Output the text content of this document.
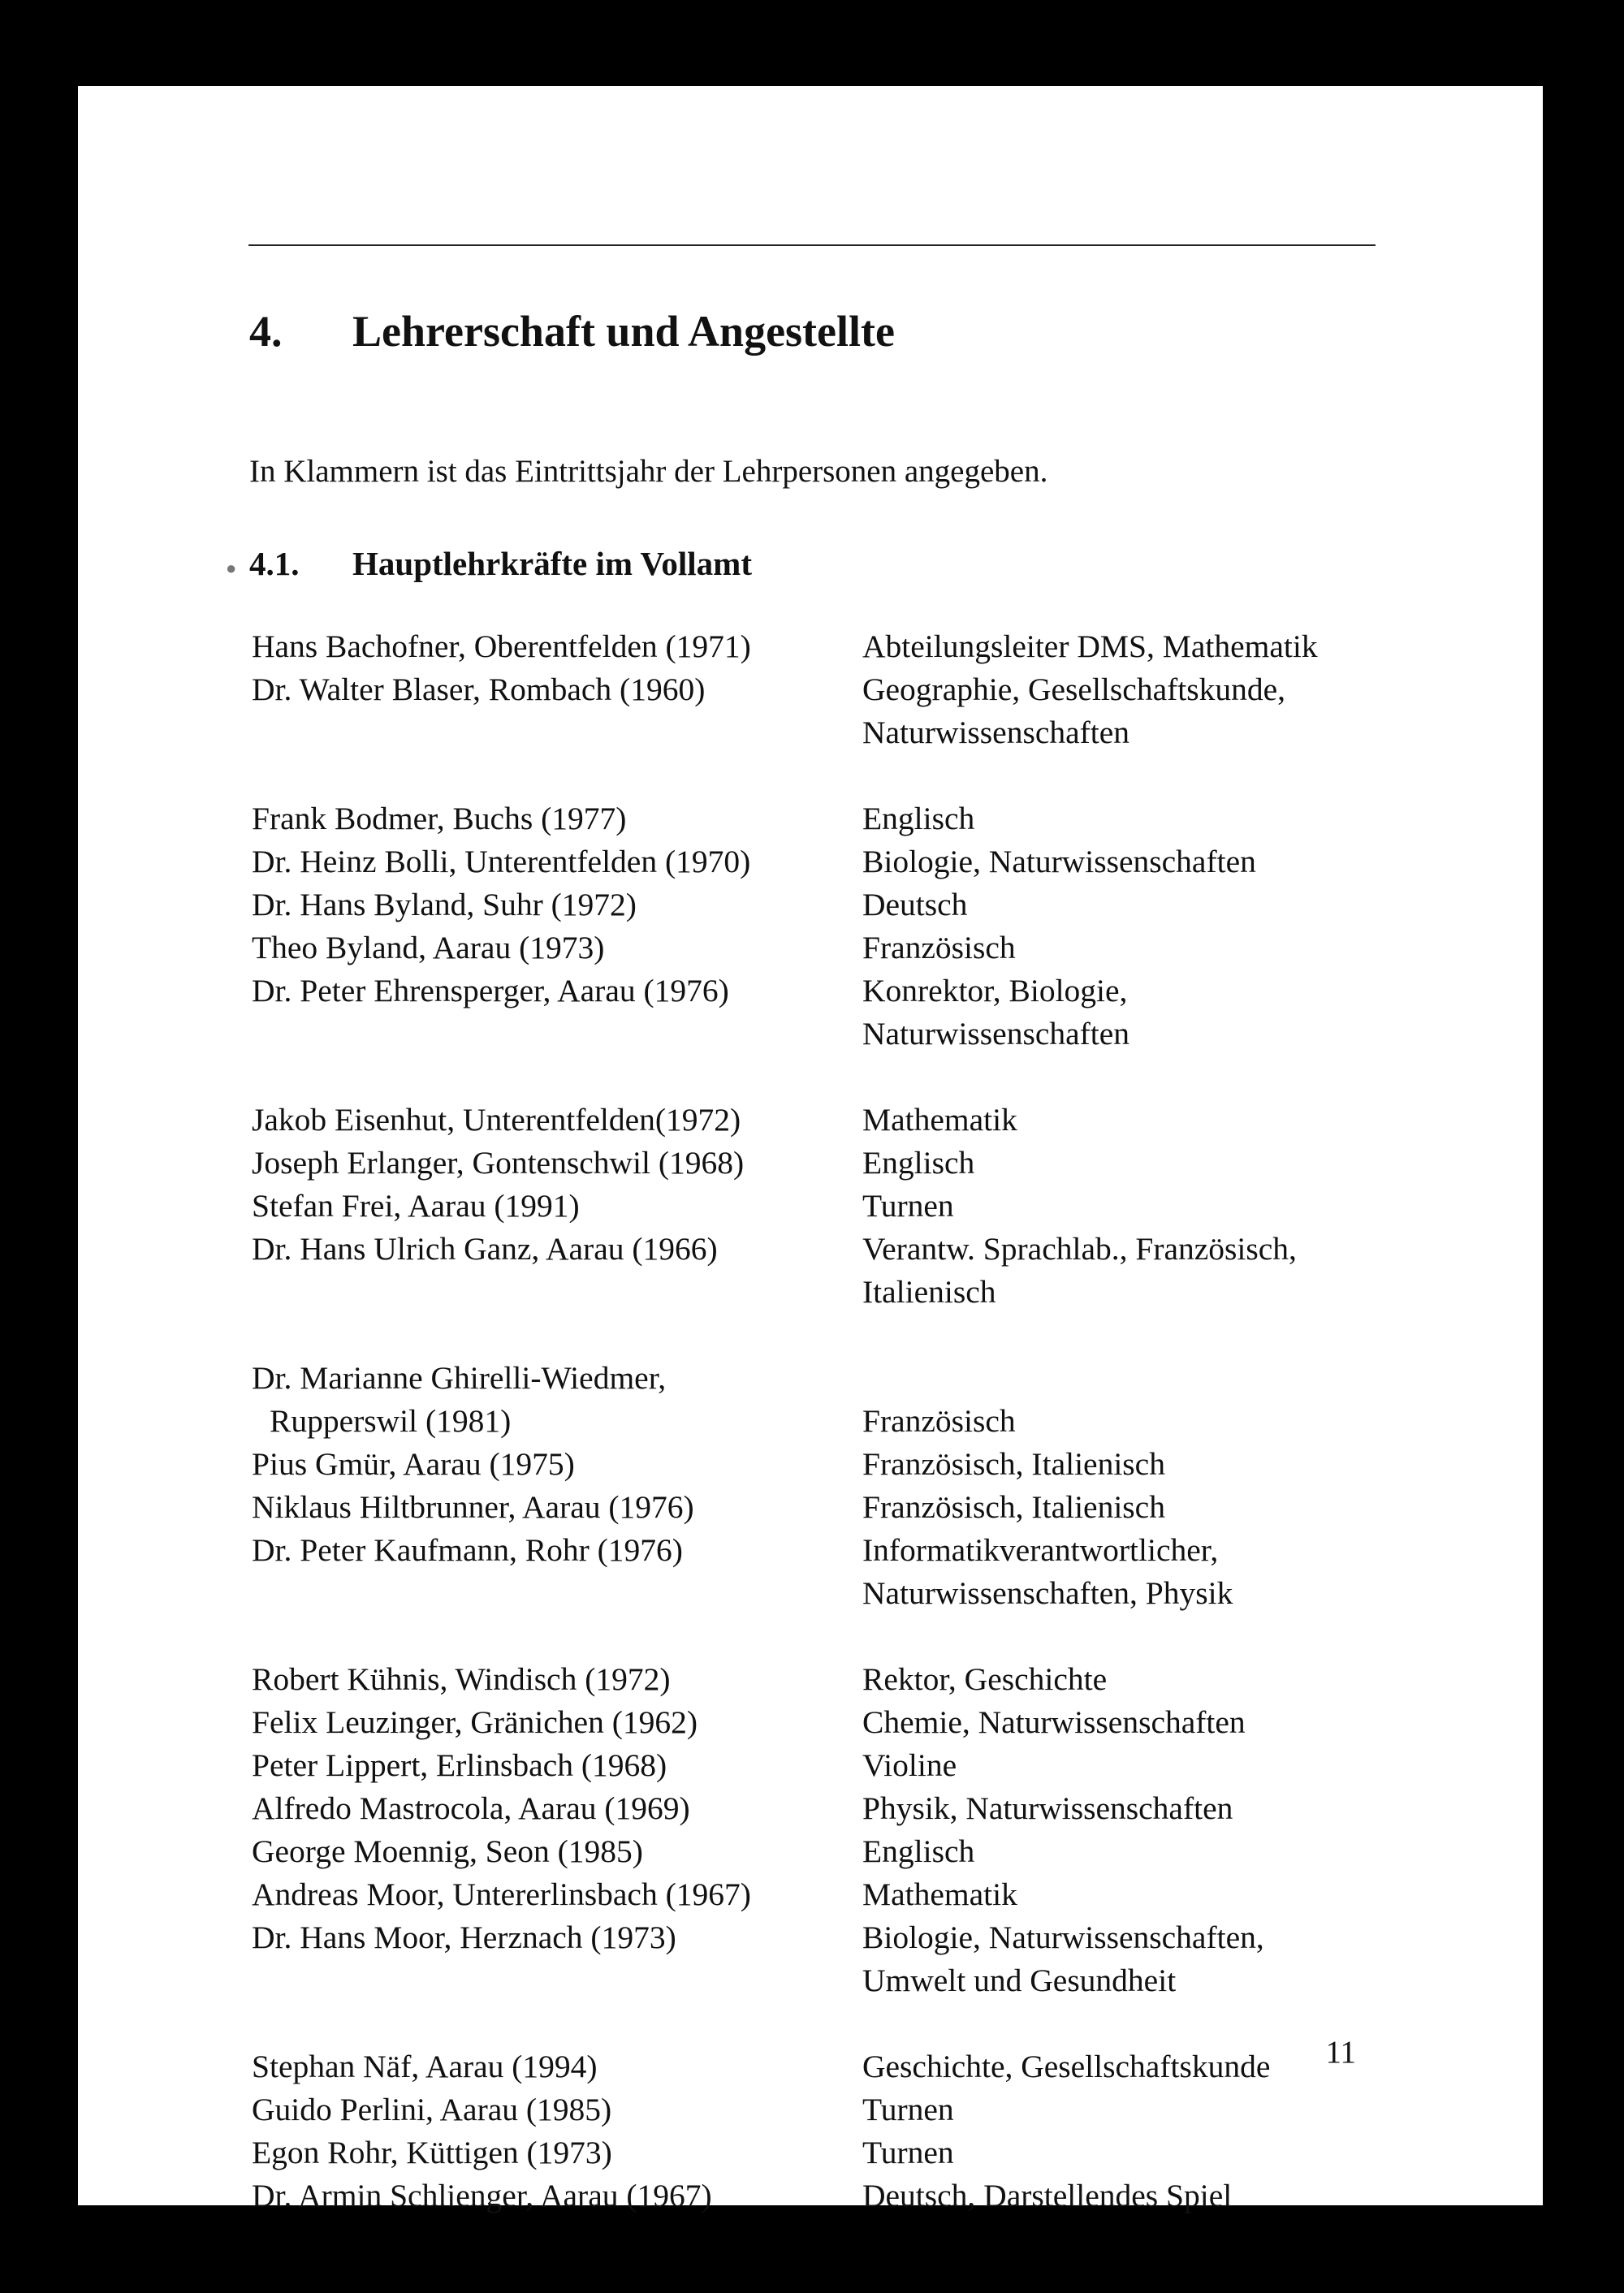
4. Lehrerschaft und Angestellte

In Klammern ist das Eintrittsjahr der Lehrpersonen angegeben.

● 4.1. Hauptlehrkräfte im Vollamt
Hans Bachofner, Oberentfelden (1971)	Abteilungsleiter DMS, Mathematik
Dr. Walter Blaser, Rombach (1960)	Geographie, Gesellschaftskunde,
Naturwissenschaften
Frank Bodmer, Buchs (1977)	Englisch
Dr. Heinz Bolli, Unterentfelden (1970)	Biologie, Naturwissenschaften
Dr. Hans Byland, Suhr (1972)	Deutsch
Theo Byland, Aarau (1973)	Französisch
Dr. Peter Ehrensperger, Aarau (1976)	Konrektor, Biologie,
Naturwissenschaften
Jakob Eisenhut, Unterentfelden(1972)	Mathematik
Joseph Erlanger, Gontenschwil (1968)	Englisch
Stefan Frei, Aarau (1991)	Turnen
Dr. Hans Ulrich Ganz, Aarau (1966)	Verantw. Sprachlab., Französisch,
Italienisch
Dr. Marianne Ghirelli-Wiedmer,
Rupperswil (1981)
	Französisch
Pius Gmür, Aarau (1975)	Französisch, Italienisch
Niklaus Hiltbrunner, Aarau (1976)	Französisch, Italienisch
Dr. Peter Kaufmann, Rohr (1976)	Informatikverantwortlicher,
Naturwissenschaften, Physik
Robert Kühnis, Windisch (1972)	Rektor, Geschichte
Felix Leuzinger, Gränichen (1962)	Chemie, Naturwissenschaften
Peter Lippert, Erlinsbach (1968)	Violine
Alfredo Mastrocola, Aarau (1969)	Physik, Naturwissenschaften
George Moennig, Seon (1985)	Englisch
Andreas Moor, Untererlinsbach (1967)	Mathematik
Dr. Hans Moor, Herznach (1973)	Biologie, Naturwissenschaften,
Umwelt und Gesundheit
Stephan Näf, Aarau (1994)	Geschichte, Gesellschaftskunde
Guido Perlini, Aarau (1985)	Turnen
Egon Rohr, Küttigen (1973)	Turnen
Dr. Armin Schlienger, Aarau (1967)	Deutsch, Darstellendes Spiel
11
